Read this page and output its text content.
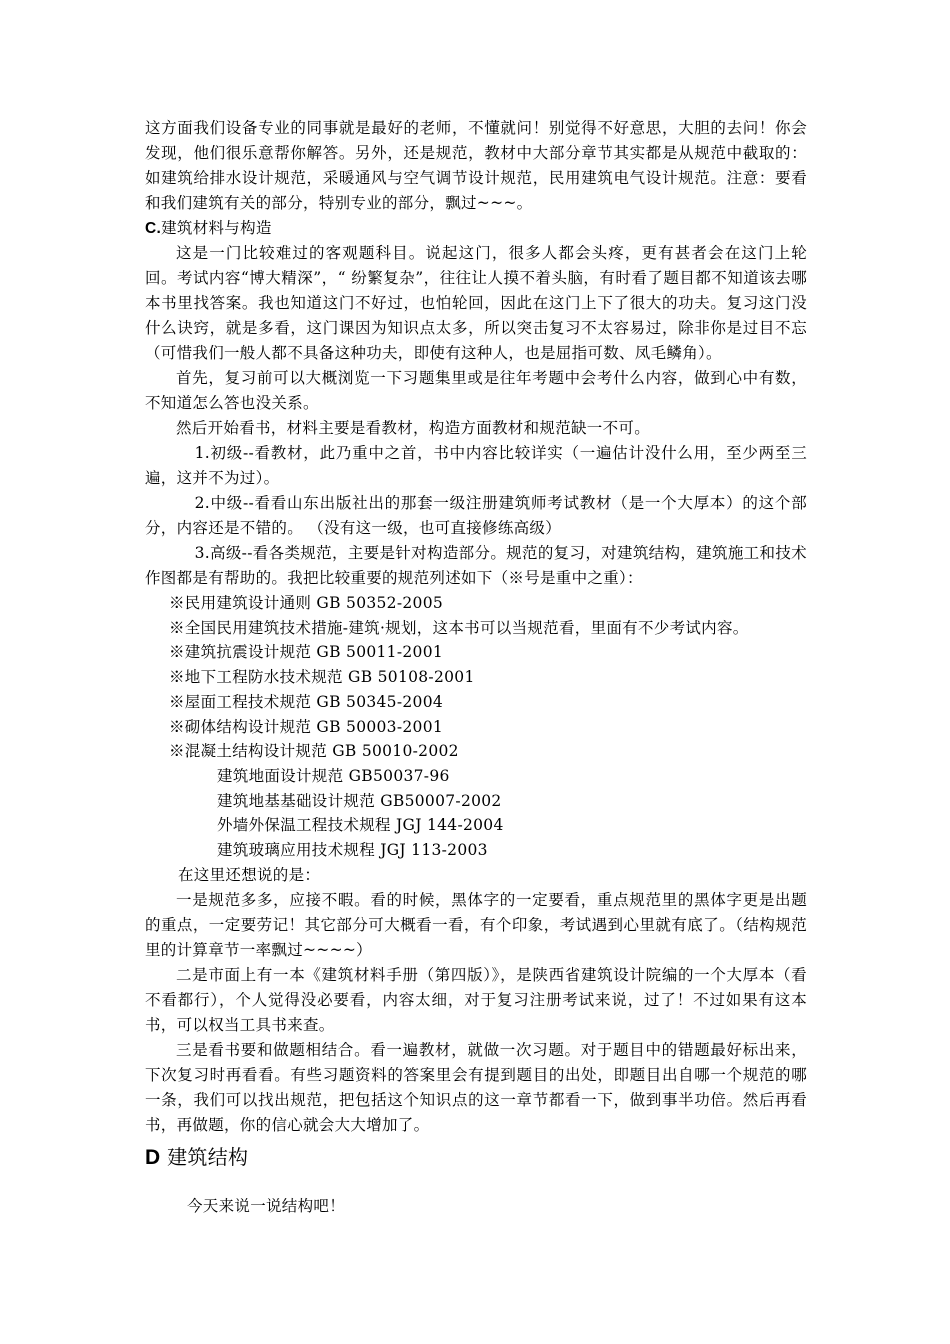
这方面我们设备专业的同事就是最好的老师，不懂就问！别觉得不好意思，大胆的去问！你会发现，他们很乐意帮你解答。另外，还是规范，教材中大部分章节其实都是从规范中截取的：如建筑给排水设计规范，采暖通风与空气调节设计规范，民用建筑电气设计规范。注意：要看和我们建筑有关的部分，特别专业的部分，飘过~~~。

C.建筑材料与构造

这是一门比较难过的客观题科目。说起这门，很多人都会头疼，更有甚者会在这门上轮回。考试内容“博大精深”，“ 纷繁复杂”，往往让人摸不着头脑，有时看了题目都不知道该去哪本书里找答案。我也知道这门不好过，也怕轮回，因此在这门上下了很大的功夫。复习这门没什么诀窍，就是多看，这门课因为知识点太多，所以突击复习不太容易过，除非你是过目不忘（可惜我们一般人都不具备这种功夫，即使有这种人，也是屈指可数、凤毛鳞角）。

首先，复习前可以大概浏览一下习题集里或是往年考题中会考什么内容，做到心中有数，不知道怎么答也没关系。

然后开始看书，材料主要是看教材，构造方面教材和规范缺一不可。

1.初级--看教材，此乃重中之首，书中内容比较详实（一遍估计没什么用，至少两至三遍，这并不为过）。

2.中级--看看山东出版社出的那套一级注册建筑师考试教材（是一个大厚本）的这个部分，内容还是不错的。 （没有这一级，也可直接修练高级）

3.高级--看各类规范，主要是针对构造部分。规范的复习，对建筑结构，建筑施工和技术作图都是有帮助的。我把比较重要的规范列述如下（※号是重中之重）：

※民用建筑设计通则 GB 50352-2005

※全国民用建筑技术措施-建筑·规划，这本书可以当规范看，里面有不少考试内容。

※建筑抗震设计规范 GB 50011-2001

※地下工程防水技术规范 GB 50108-2001

※屋面工程技术规范 GB 50345-2004

※砌体结构设计规范 GB 50003-2001

※混凝土结构设计规范 GB 50010-2002

建筑地面设计规范 GB50037-96

建筑地基基础设计规范 GB50007-2002

外墙外保温工程技术规程 JGJ 144-2004

建筑玻璃应用技术规程 JGJ 113-2003

在这里还想说的是：

一是规范多多，应接不暇。看的时候，黑体字的一定要看，重点规范里的黑体字更是出题的重点，一定要劳记！其它部分可大概看一看，有个印象，考试遇到心里就有底了。（结构规范里的计算章节一率飘过~~~~）

二是市面上有一本《建筑材料手册（第四版）》，是陕西省建筑设计院编的一个大厚本（看不看都行），个人觉得没必要看，内容太细，对于复习注册考试来说，过了！不过如果有这本书，可以权当工具书来查。

三是看书要和做题相结合。看一遍教材，就做一次习题。对于题目中的错题最好标出来，下次复习时再看看。有些习题资料的答案里会有提到题目的出处，即题目出自哪一个规范的哪一条，我们可以找出规范，把包括这个知识点的这一章节都看一下，做到事半功倍。然后再看书，再做题，你的信心就会大大增加了。

D 建筑结构

今天来说一说结构吧！
